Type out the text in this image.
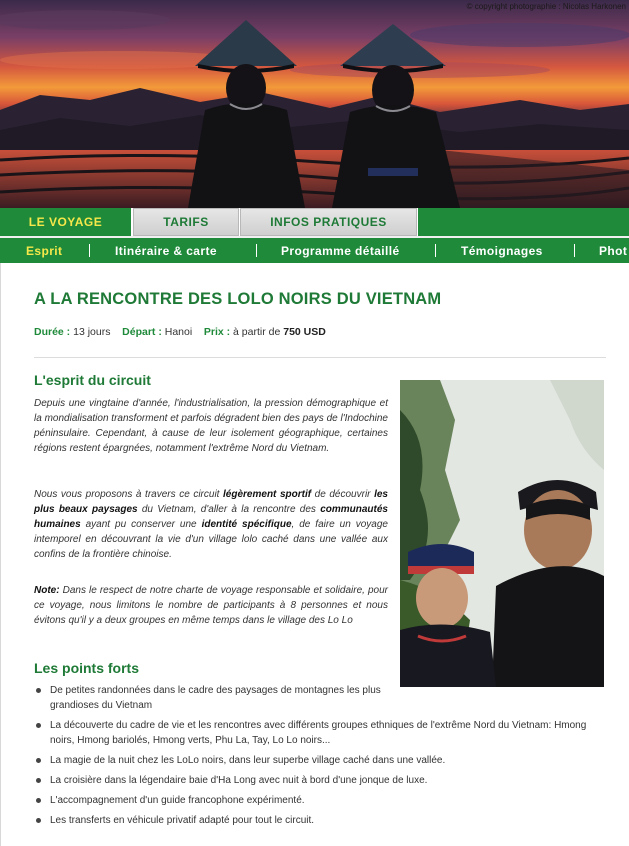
© copyright photographie : Nicolas Harkonen
LE VOYAGE	TARIFS	INFOS PRATIQUES
Esprit	Itinéraire & carte	Programme détaillé	Témoignages	Phot
A LA RENCONTRE DES LOLO NOIRS DU VIETNAM
Durée : 13 jours Départ : Hanoi Prix : à partir de 750 USD
L'esprit du circuit

Depuis une vingtaine d'année, l'industrialisation, la pression démographique et la mondialisation transforment et parfois dégradent bien des pays de l'Indochine péninsulaire. Cependant, à cause de leur isolement géographique, certaines régions restent épargnées, notamment l'extrême Nord du Vietnam.

Nous vous proposons à travers ce circuit légèrement sportif de découvrir les plus beaux paysages du Vietnam, d'aller à la rencontre des communautés humaines ayant pu conserver une identité spécifique, de faire un voyage intemporel en découvrant la vie d'un village lolo caché dans une vallée aux confins de la frontière chinoise.

Note: Dans le respect de notre charte de voyage responsable et solidaire, pour ce voyage, nous limitons le nombre de participants à 8 personnes et nous évitons qu'il y a deux groupes en même temps dans le village des Lo Lo

Les points forts
De petites randonnées dans le cadre des paysages de montagnes les plus grandioses du Vietnam
La découverte du cadre de vie et les rencontres avec différents groupes ethniques de l'extrême Nord du Vietnam: Hmong noirs, Hmong bariolés, Hmong verts, Phu La, Tay, Lo Lo noirs...
La magie de la nuit chez les LoLo noirs, dans leur superbe village caché dans une vallée.
La croisière dans la légendaire baie d'Ha Long avec nuit à bord d'une jonque de luxe.
L'accompagnement d'un guide francophone expérimenté.
Les transferts en véhicule privatif adapté pour tout le circuit.
